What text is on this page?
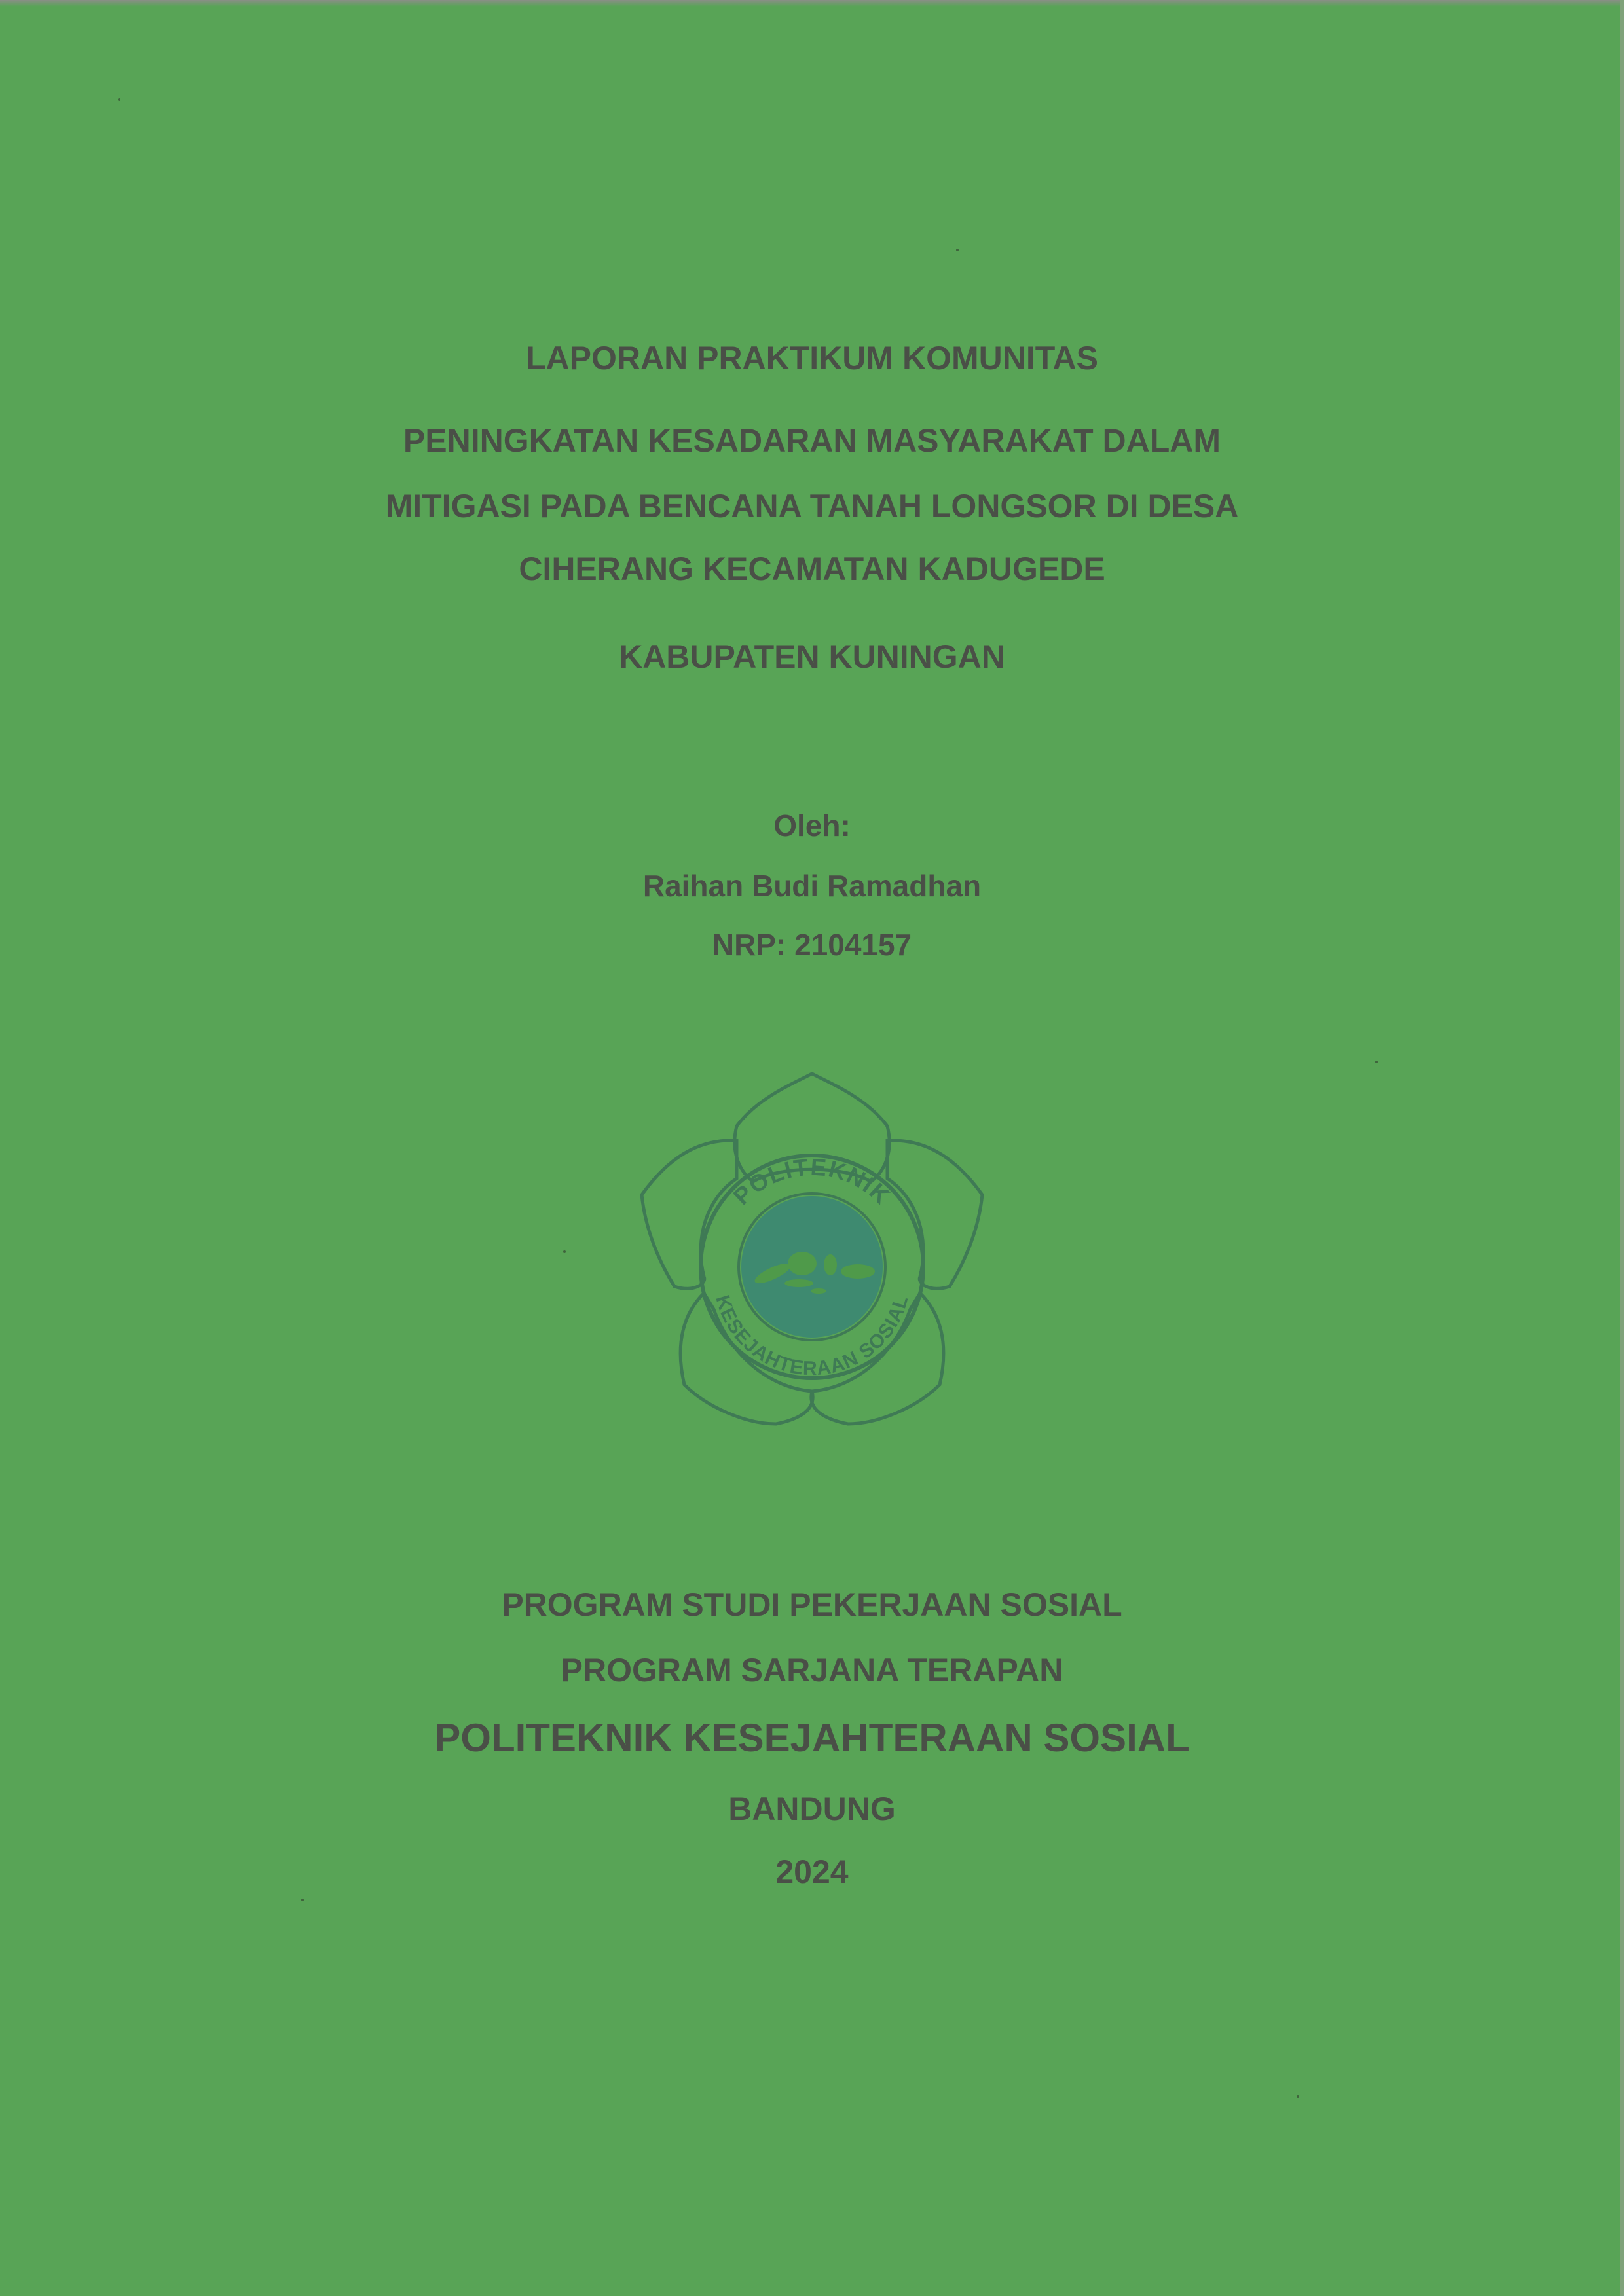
LAPORAN PRAKTIKUM KOMUNITAS
PENINGKATAN KESADARAN MASYARAKAT DALAM
MITIGASI PADA BENCANA TANAH LONGSOR DI DESA
CIHERANG KECAMATAN KADUGEDE
KABUPATEN KUNINGAN
Oleh:
Raihan Budi Ramadhan
NRP: 2104157
POLITEKNIK
KESEJAHTERAAN SOSIAL
PROGRAM STUDI PEKERJAAN SOSIAL
PROGRAM SARJANA TERAPAN
POLITEKNIK KESEJAHTERAAN SOSIAL
BANDUNG
2024
